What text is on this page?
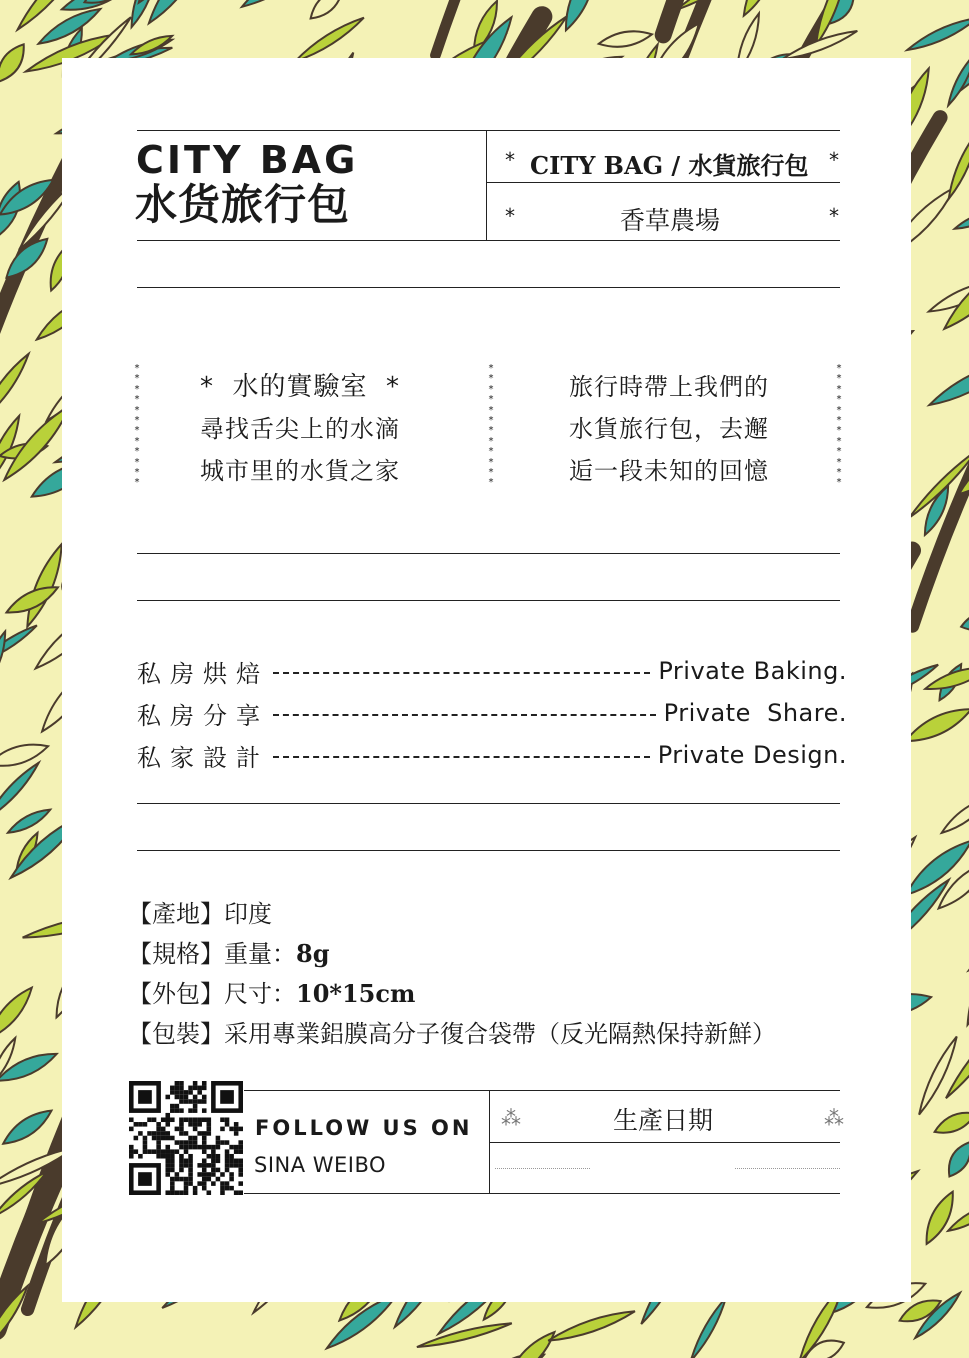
CITY BAG
水货旅行包
* CITY BAG / 水貨旅行包 *
*	香草農場	*
*
*
*
*
*
*
*
*
*
*
*
*
*
*
*
*
*
*
*
*
*
*
*
*
*
*
*
*
*
*
*
*
*
*
*
*
*  水的實驗室  *
尋找舌尖上的水滴
城市里的水貨之家
旅行時帶上我們的
水貨旅行包，去邂
逅一段未知的回憶
私房烘焙	Private Baking.
私房分享	Private  Share.
私家設計	Private Design.
【產地】印度
【規格】重量：8g
【外包】尺寸：10*15cm
【包裝】采用專業鋁膜高分子復合袋帶（反光隔熱保持新鮮）
FOLLOW US ON
SINA WEIBO
⁂	生產日期	⁂
